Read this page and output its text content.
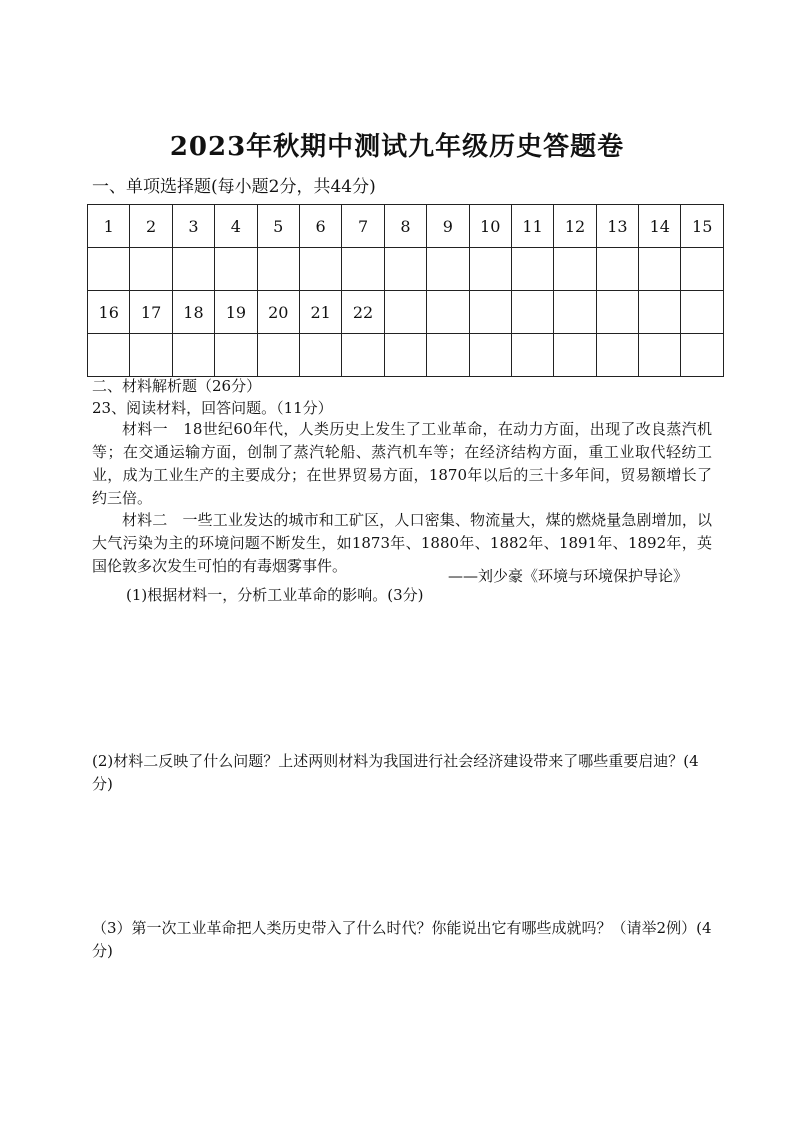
2023年秋期中测试九年级历史答题卷
一、单项选择题(每小题2分，共44分)
1	2	3	4	5	6	7	8	9	10	11	12	13	14	15

16	17	18	19	20	21	22								

二、材料解析题（26分）
23、阅读材料，回答问题。（11分）
材料一　18世纪60年代，人类历史上发生了工业革命，在动力方面，出现了改良蒸汽机等；在交通运输方面，创制了蒸汽轮船、蒸汽机车等；在经济结构方面，重工业取代轻纺工业，成为工业生产的主要成分；在世界贸易方面，1870年以后的三十多年间，贸易额增长了约三倍。
材料二　一些工业发达的城市和工矿区，人口密集、物流量大，煤的燃烧量急剧增加，以大气污染为主的环境问题不断发生，如1873年、1880年、1882年、1891年、1892年，英国伦敦多次发生可怕的有毒烟雾事件。
——刘少豪《环境与环境保护导论》
(1)根据材料一，分析工业革命的影响。(3分)
(2)材料二反映了什么问题？上述两则材料为我国进行社会经济建设带来了哪些重要启迪？(4分)
（3）第一次工业革命把人类历史带入了什么时代？你能说出它有哪些成就吗？（请举2例）(4分)
